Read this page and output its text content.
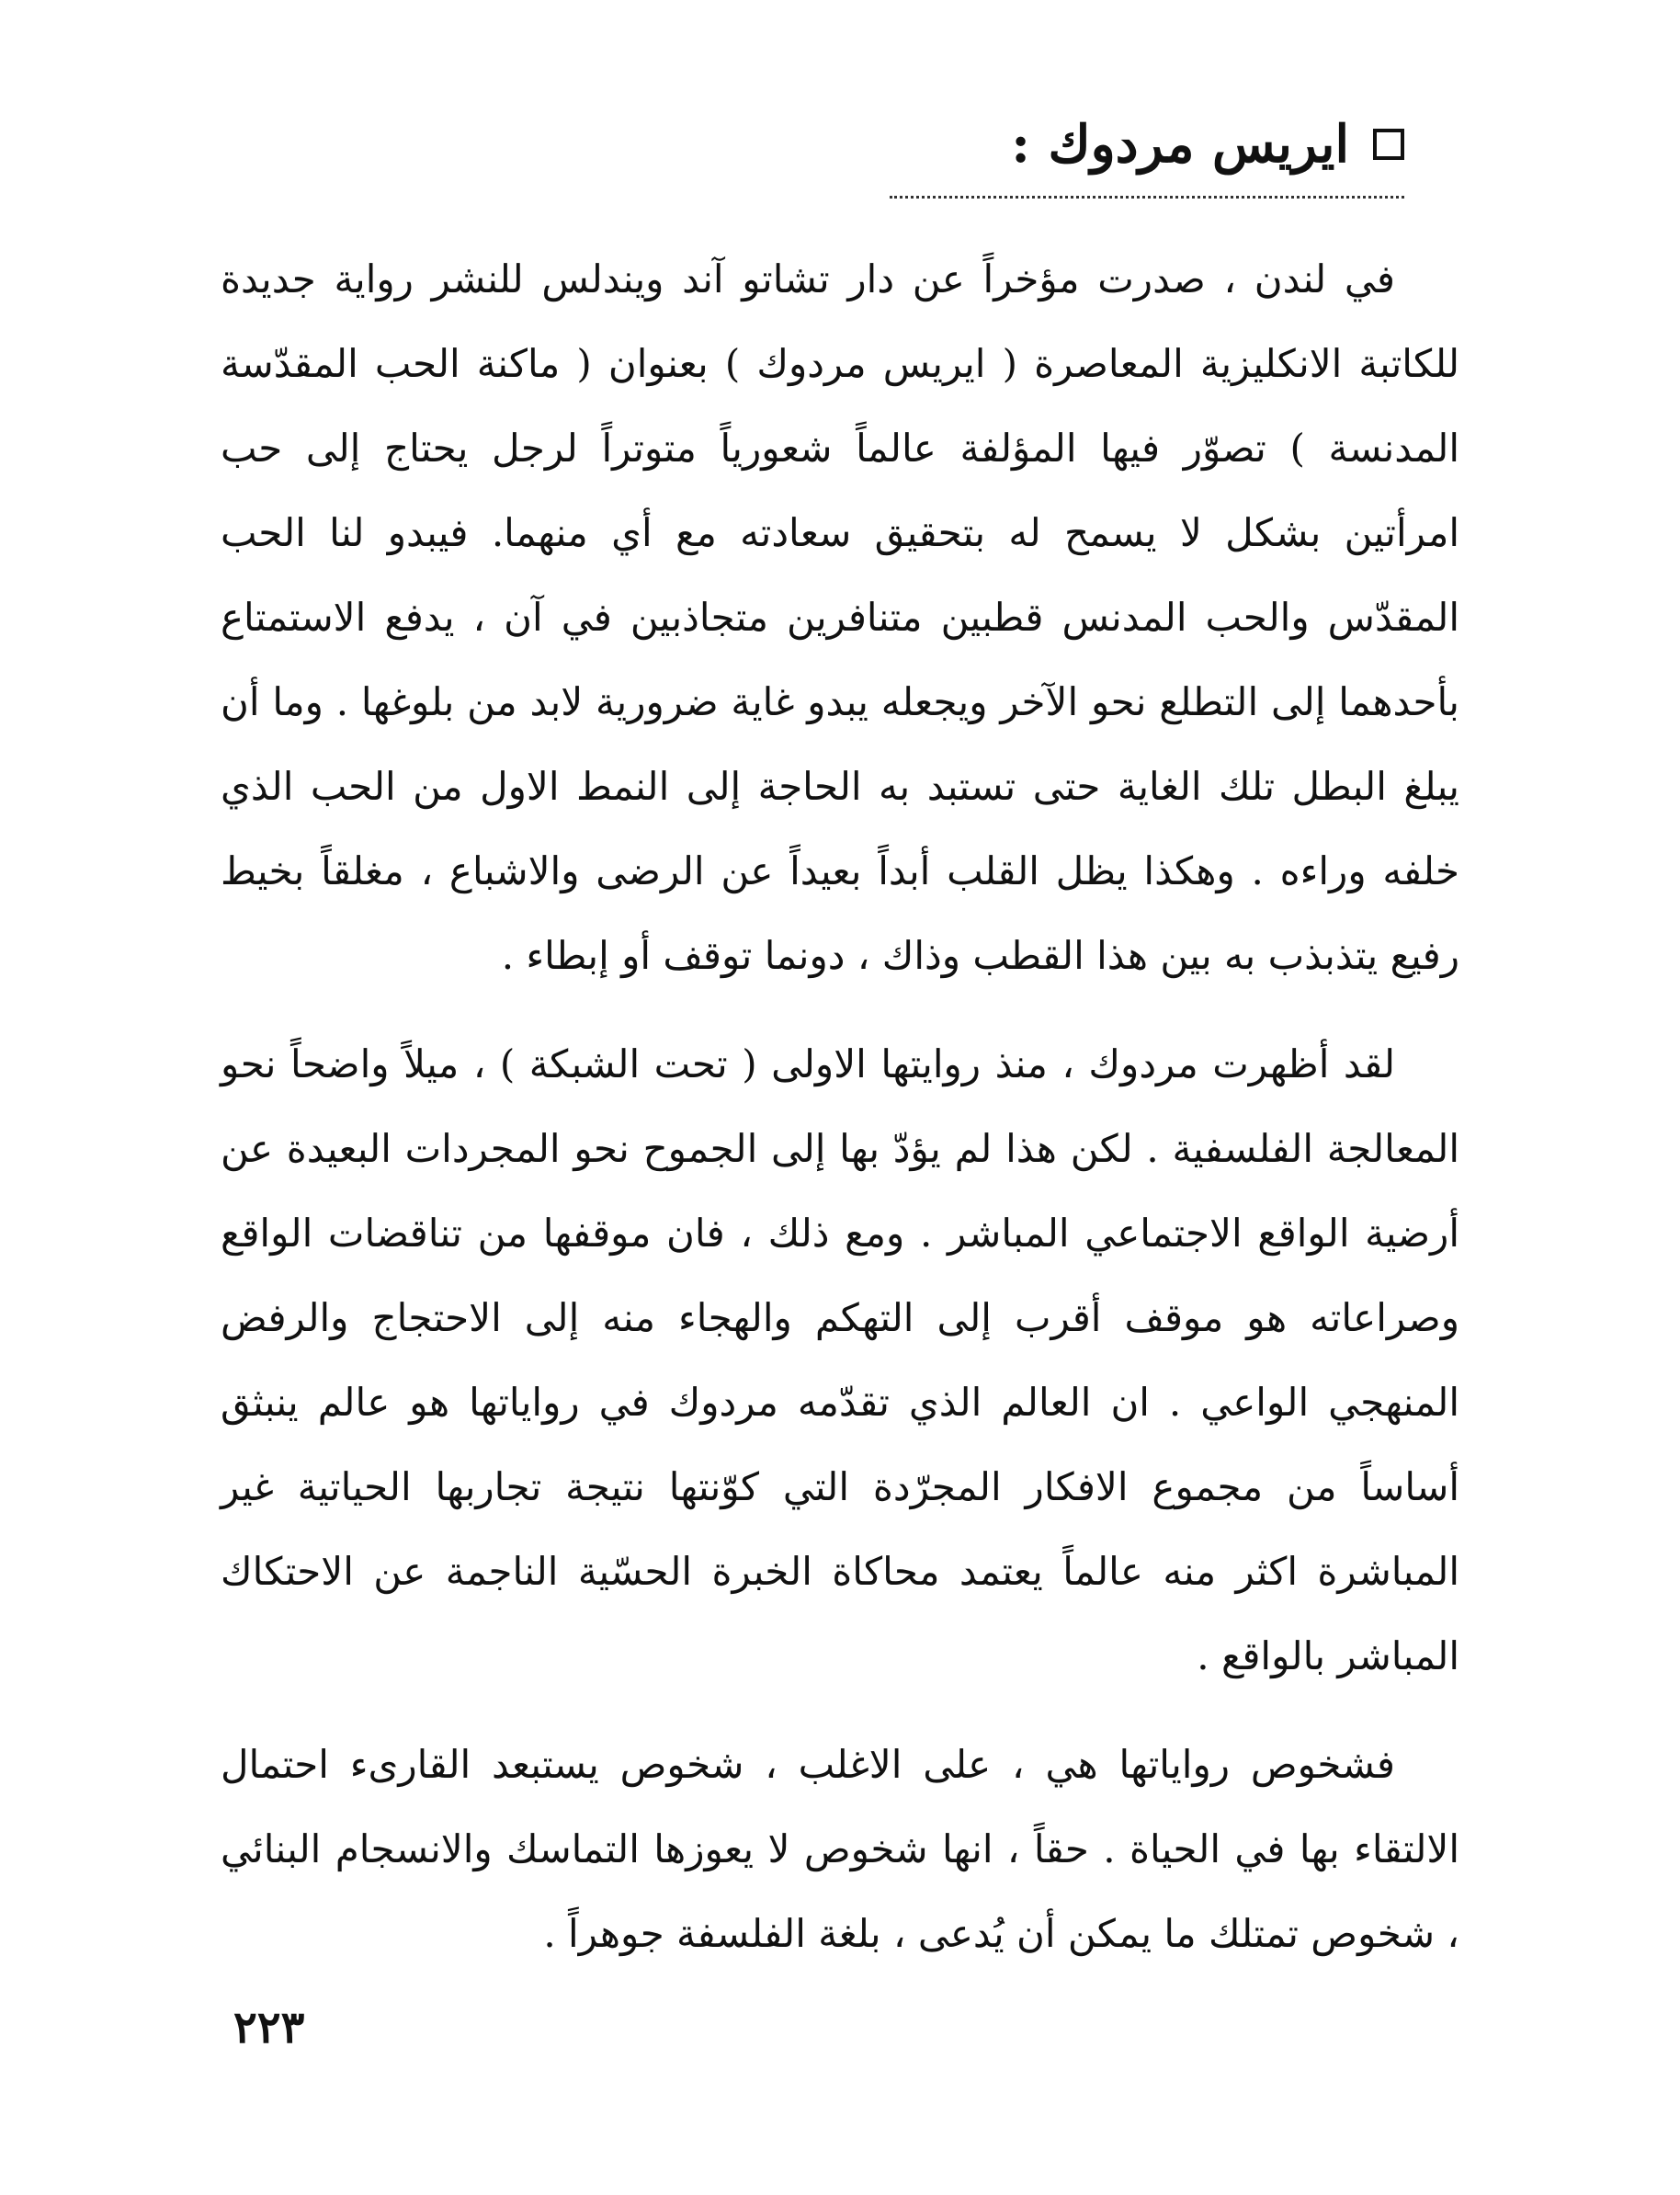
ايريس مردوك :

في لندن ، صدرت مؤخراً عن دار تشاتو آند ويندلس للنشر رواية جديدة للكاتبة الانكليزية المعاصرة ( ايريس مردوك ) بعنوان ( ماكنة الحب المقدّسة المدنسة ) تصوّر فيها المؤلفة عالماً شعورياً متوتراً لرجل يحتاج إلى حب امرأتين بشكل لا يسمح له بتحقيق سعادته مع أي منهما. فيبدو لنا الحب المقدّس والحب المدنس قطبين متنافرين متجاذبين في آن ، يدفع الاستمتاع بأحدهما إلى التطلع نحو الآخر ويجعله يبدو غاية ضرورية لابد من بلوغها . وما أن يبلغ البطل تلك الغاية حتى تستبد به الحاجة إلى النمط الاول من الحب الذي خلفه وراءه . وهكذا يظل القلب أبداً بعيداً عن الرضى والاشباع ، مغلقاً بخيط رفيع يتذبذب به بين هذا القطب وذاك ، دونما توقف أو إبطاء .

لقد أظهرت مردوك ، منذ روايتها الاولى ( تحت الشبكة ) ، ميلاً واضحاً نحو المعالجة الفلسفية . لكن هذا لم يؤدّ بها إلى الجموح نحو المجردات البعيدة عن أرضية الواقع الاجتماعي المباشر . ومع ذلك ، فان موقفها من تناقضات الواقع وصراعاته هو موقف أقرب إلى التهكم والهجاء منه إلى الاحتجاج والرفض المنهجي الواعي . ان العالم الذي تقدّمه مردوك في رواياتها هو عالم ينبثق أساساً من مجموع الافكار المجرّدة التي كوّنتها نتيجة تجاربها الحياتية غير المباشرة اكثر منه عالماً يعتمد محاكاة الخبرة الحسّية الناجمة عن الاحتكاك المباشر بالواقع .

فشخوص رواياتها هي ، على الاغلب ، شخوص يستبعد القارىء احتمال الالتقاء بها في الحياة . حقاً ، انها شخوص لا يعوزها التماسك والانسجام البنائي ، شخوص تمتلك ما يمكن أن يُدعى ، بلغة الفلسفة جوهراً .

٢٢٣
